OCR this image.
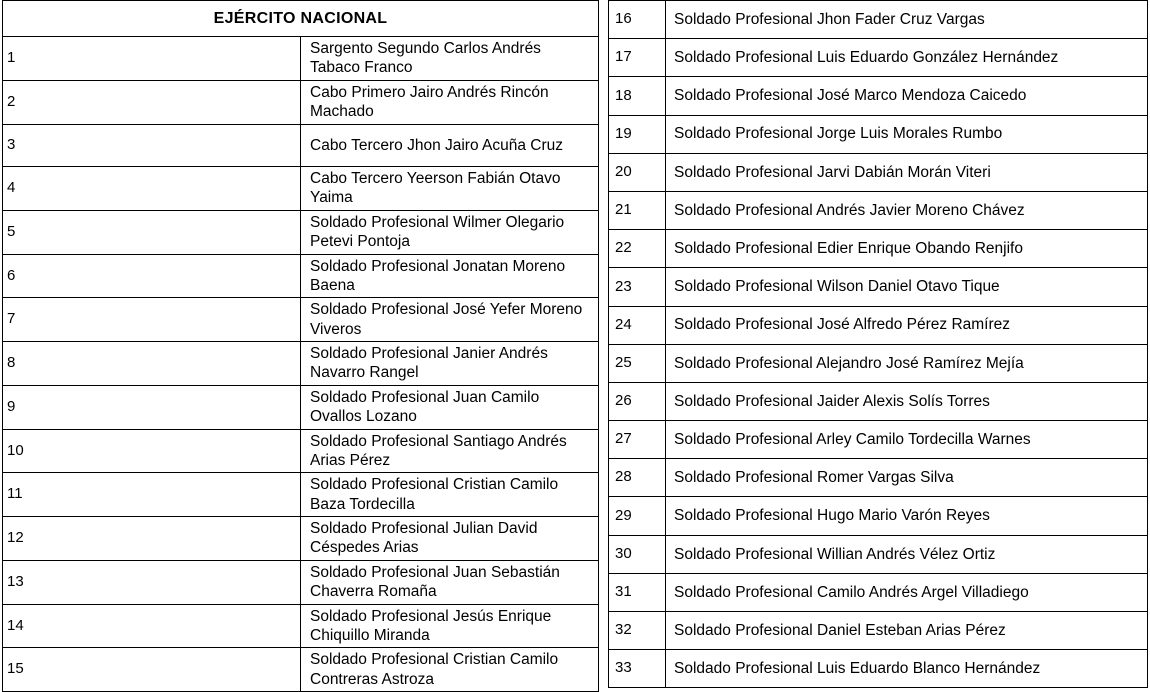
EJÉRCITO NACIONAL	
1	Sargento Segundo Carlos Andrés Tabaco Franco
2	Cabo Primero Jairo Andrés Rincón Machado
3	Cabo Tercero Jhon Jairo Acuña Cruz
4	Cabo Tercero Yeerson Fabián Otavo Yaima
5	Soldado Profesional Wilmer Olegario Petevi Pontoja
6	Soldado Profesional Jonatan Moreno Baena
7	Soldado Profesional José Yefer Moreno Viveros
8	Soldado Profesional Janier Andrés Navarro Rangel
9	Soldado Profesional Juan Camilo Ovallos Lozano
10	Soldado Profesional Santiago Andrés Arias Pérez
11	Soldado Profesional Cristian Camilo Baza Tordecilla
12	Soldado Profesional Julian David Céspedes Arias
13	Soldado Profesional Juan Sebastián Chaverra Romaña
14	Soldado Profesional Jesús Enrique Chiquillo Miranda
15	Soldado Profesional Cristian Camilo Contreras Astroza
16	Soldado Profesional Jhon Fader Cruz Vargas
17	Soldado Profesional Luis Eduardo González Hernández
18	Soldado Profesional José Marco Mendoza Caicedo
19	Soldado Profesional Jorge Luis Morales Rumbo
20	Soldado Profesional Jarvi Dabián Morán Viteri
21	Soldado Profesional Andrés Javier Moreno Chávez
22	Soldado Profesional Edier Enrique Obando Renjifo
23	Soldado Profesional Wilson Daniel Otavo Tique
24	Soldado Profesional José Alfredo Pérez Ramírez
25	Soldado Profesional Alejandro José Ramírez Mejía
26	Soldado Profesional Jaider Alexis Solís Torres
27	Soldado Profesional Arley Camilo Tordecilla Warnes
28	Soldado Profesional Romer Vargas Silva
29	Soldado Profesional Hugo Mario Varón Reyes
30	Soldado Profesional Willian Andrés Vélez Ortiz
31	Soldado Profesional Camilo Andrés Argel Villadiego
32	Soldado Profesional Daniel Esteban Arias Pérez
33	Soldado Profesional Luis Eduardo Blanco Hernández
